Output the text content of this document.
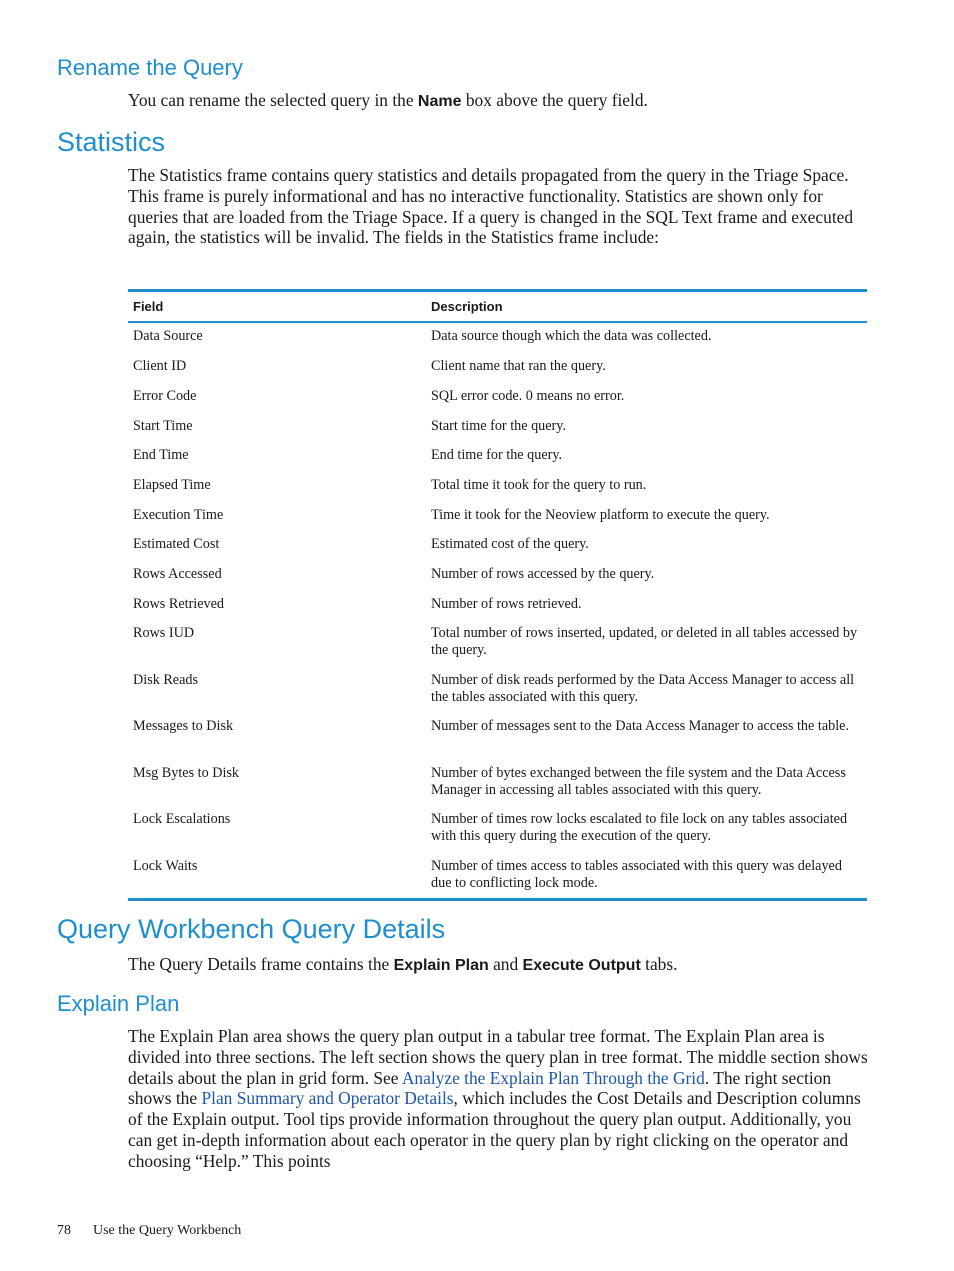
Rename the Query

You can rename the selected query in the Name box above the query field.

Statistics

The Statistics frame contains query statistics and details propagated from the query in the Triage Space. This frame is purely informational and has no interactive functionality. Statistics are shown only for queries that are loaded from the Triage Space. If a query is changed in the SQL Text frame and executed again, the statistics will be invalid. The fields in the Statistics frame include:

Field	Description
Data Source	Data source though which the data was collected.
Client ID	Client name that ran the query.
Error Code	SQL error code. 0 means no error.
Start Time	Start time for the query.
End Time	End time for the query.
Elapsed Time	Total time it took for the query to run.
Execution Time	Time it took for the Neoview platform to execute the query.
Estimated Cost	Estimated cost of the query.
Rows Accessed	Number of rows accessed by the query.
Rows Retrieved	Number of rows retrieved.
Rows IUD	Total number of rows inserted, updated, or deleted in all tables accessed by the query.
Disk Reads	Number of disk reads performed by the Data Access Manager to access all the tables associated with this query.
Messages to Disk	Number of messages sent to the Data Access Manager to access the table.
Msg Bytes to Disk	Number of bytes exchanged between the file system and the Data Access Manager in accessing all tables associated with this query.
Lock Escalations	Number of times row locks escalated to file lock on any tables associated with this query during the execution of the query.
Lock Waits	Number of times access to tables associated with this query was delayed due to conflicting lock mode.
Query Workbench Query Details

The Query Details frame contains the Explain Plan and Execute Output tabs.

Explain Plan

The Explain Plan area shows the query plan output in a tabular tree format. The Explain Plan area is divided into three sections. The left section shows the query plan in tree format. The middle section shows details about the plan in grid form. See Analyze the Explain Plan Through the Grid. The right section shows the Plan Summary and Operator Details, which includes the Cost Details and Description columns of the Explain output. Tool tips provide information throughout the query plan output. Additionally, you can get in-depth information about each operator in the query plan by right clicking on the operator and choosing “Help.” This points

78 Use the Query Workbench
